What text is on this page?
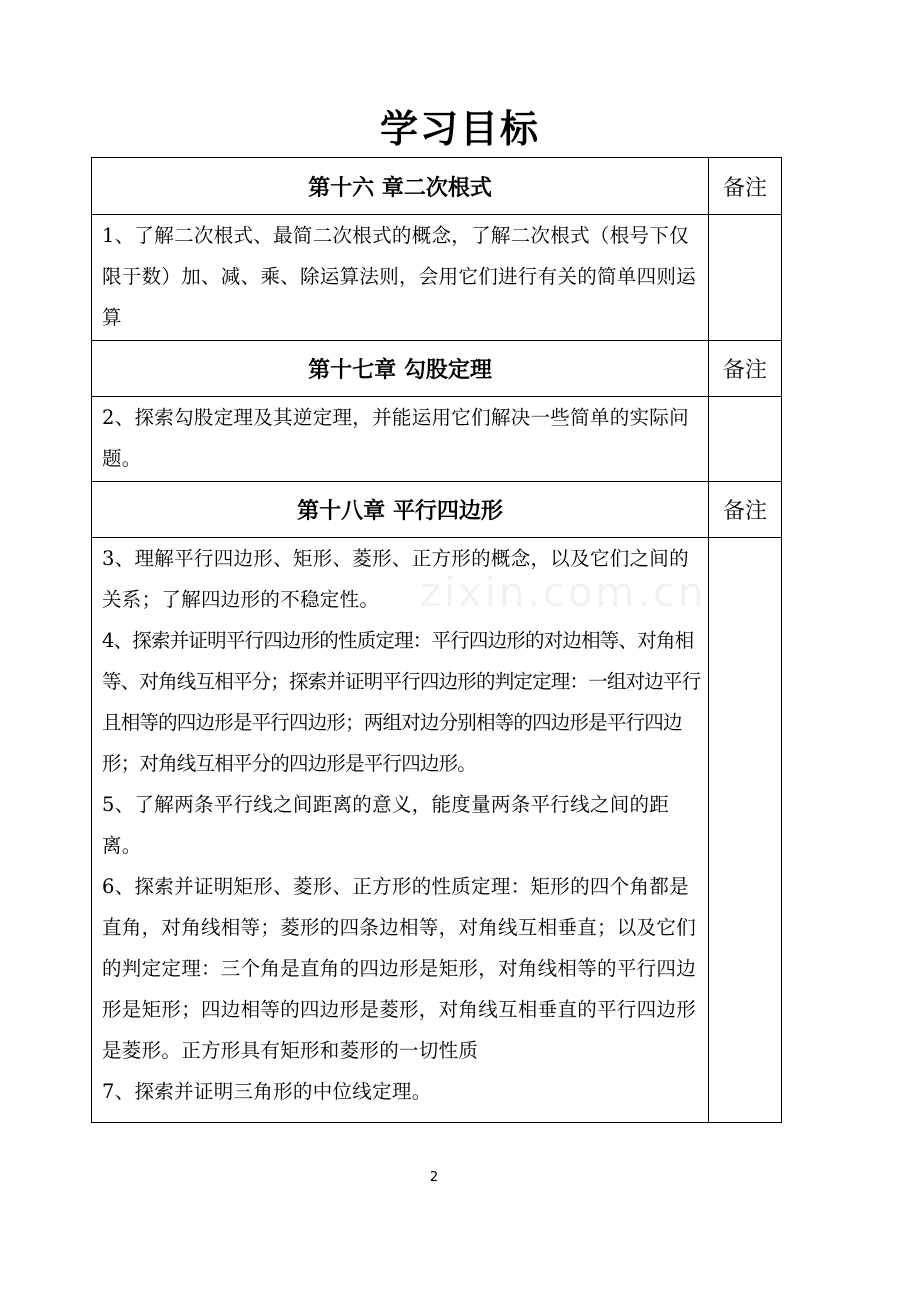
学习目标
第十六 章二次根式	备注

1、了解二次根式、最简二次根式的概念，了解二次根式（根号下仅限于数）加、减、乘、除运算法则，会用它们进行有关的简单四则运算	

第十七章 勾股定理	备注

2、探索勾股定理及其逆定理，并能运用它们解决一些简单的实际问题。	

第十八章 平行四边形	备注

3、理解平行四边形、矩形、菱形、正方形的概念，以及它们之间的关系；了解四边形的不稳定性。
4、探索并证明平行四边形的性质定理：平行四边形的对边相等、对角相等、对角线互相平分；探索并证明平行四边形的判定定理：一组对边平行且相等的四边形是平行四边形；两组对边分别相等的四边形是平行四边形；对角线互相平分的四边形是平行四边形。
5、了解两条平行线之间距离的意义，能度量两条平行线之间的距离。
6、探索并证明矩形、菱形、正方形的性质定理：矩形的四个角都是直角，对角线相等；菱形的四条边相等，对角线互相垂直；以及它们的判定定理：三个角是直角的四边形是矩形，对角线相等的平行四边形是矩形；四边相等的四边形是菱形，对角线互相垂直的平行四边形是菱形。正方形具有矩形和菱形的一切性质
7、探索并证明三角形的中位线定理。	

zixin.com.cn
2
